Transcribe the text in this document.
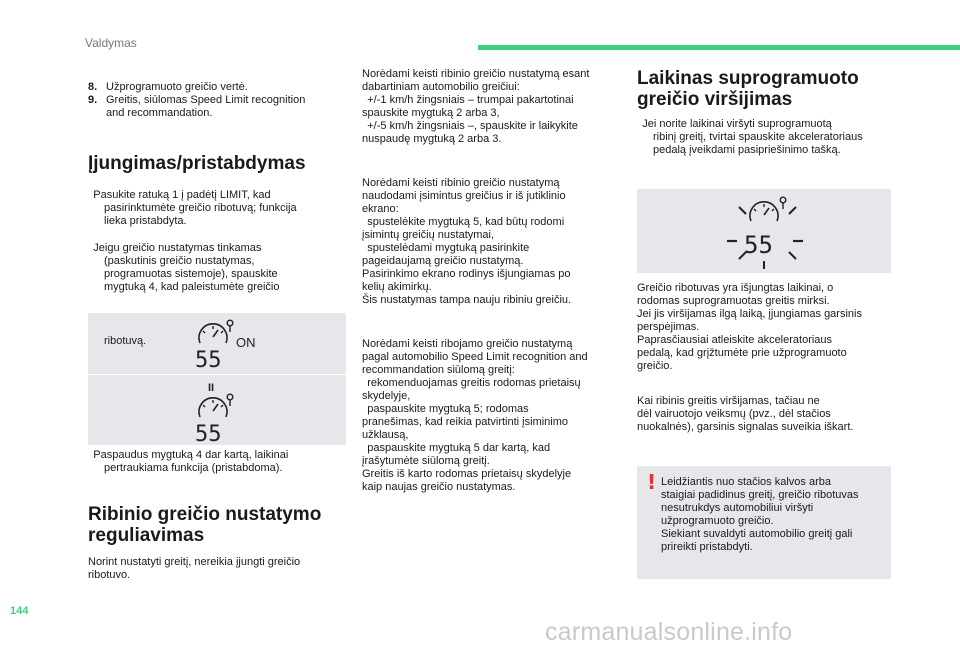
Valdymas

8. Užprogramuoto greičio vertė.

9. Greitis, siūlomas Speed Limit recognition
and recommandation.
Įjungimas/pristabdymas
  Pasukite ratuką 1 į padėtį LIMIT, kad
pasirinktumėte greičio ribotuvą; funkcija
lieka pristabdyta.
  Jeigu greičio nustatymas tinkamas
(paskutinis greičio nustatymas,
programuotas sistemoje), spauskite
mygtuką 4, kad paleistumėte greičio
ribotuvą.
55
ON
II
55
  Paspaudus mygtuką 4 dar kartą, laikinai
pertraukiama funkcija (pristabdoma).
Ribinio greičio nustatymo
reguliavimas
Norint nustatyti greitį, nereikia įjungti greičio
ribotuvo.
Norėdami keisti ribinio greičio nustatymą esant
dabartiniam automobilio greičiui:
  +/-1 km/h žingsniais – trumpai pakartotinai
spauskite mygtuką 2 arba 3,
  +/-5 km/h žingsniais –, spauskite ir laikykite
nuspaudę mygtuką 2 arba 3.
Norėdami keisti ribinio greičio nustatymą
naudodami įsimintus greičius ir iš jutiklinio
ekrano:
  spustelėkite mygtuką 5, kad būtų rodomi
įsimintų greičių nustatymai,
  spustelėdami mygtuką pasirinkite
pageidaujamą greičio nustatymą.
Pasirinkimo ekrano rodinys išjungiamas po
kelių akimirkų.
Šis nustatymas tampa nauju ribiniu greičiu.
Norėdami keisti ribojamo greičio nustatymą
pagal automobilio Speed Limit recognition and
recommandation siūlomą greitį:
  rekomenduojamas greitis rodomas prietaisų
skydelyje,
  paspauskite mygtuką 5; rodomas
pranešimas, kad reikia patvirtinti įsiminimo
užklausą,
  paspauskite mygtuką 5 dar kartą, kad
įrašytumėte siūlomą greitį.
Greitis iš karto rodomas prietaisų skydelyje
kaip naujas greičio nustatymas.
Laikinas suprogramuoto
greičio viršijimas
  Jei norite laikinai viršyti suprogramuotą
ribinį greitį, tvirtai spauskite akceleratoriaus
pedalą įveikdami pasipriešinimo tašką.
55
Greičio ribotuvas yra išjungtas laikinai, o
rodomas suprogramuotas greitis mirksi.
Jei jis viršijamas ilgą laiką, įjungiamas garsinis
perspėjimas.
Paprasčiausiai atleiskite akceleratoriaus
pedalą, kad grįžtumėte prie užprogramuoto
greičio.
Kai ribinis greitis viršijamas, tačiau ne
dėl vairuotojo veiksmų (pvz., dėl stačios
nuokalnės), garsinis signalas suveikia iškart.
! Leidžiantis nuo stačios kalvos arba
staigiai padidinus greitį, greičio ribotuvas
nesutrukdys automobiliui viršyti
užprogramuoto greičio.
Siekiant suvaldyti automobilio greitį gali
prireikti pristabdyti.
144
carmanualsonline.info
